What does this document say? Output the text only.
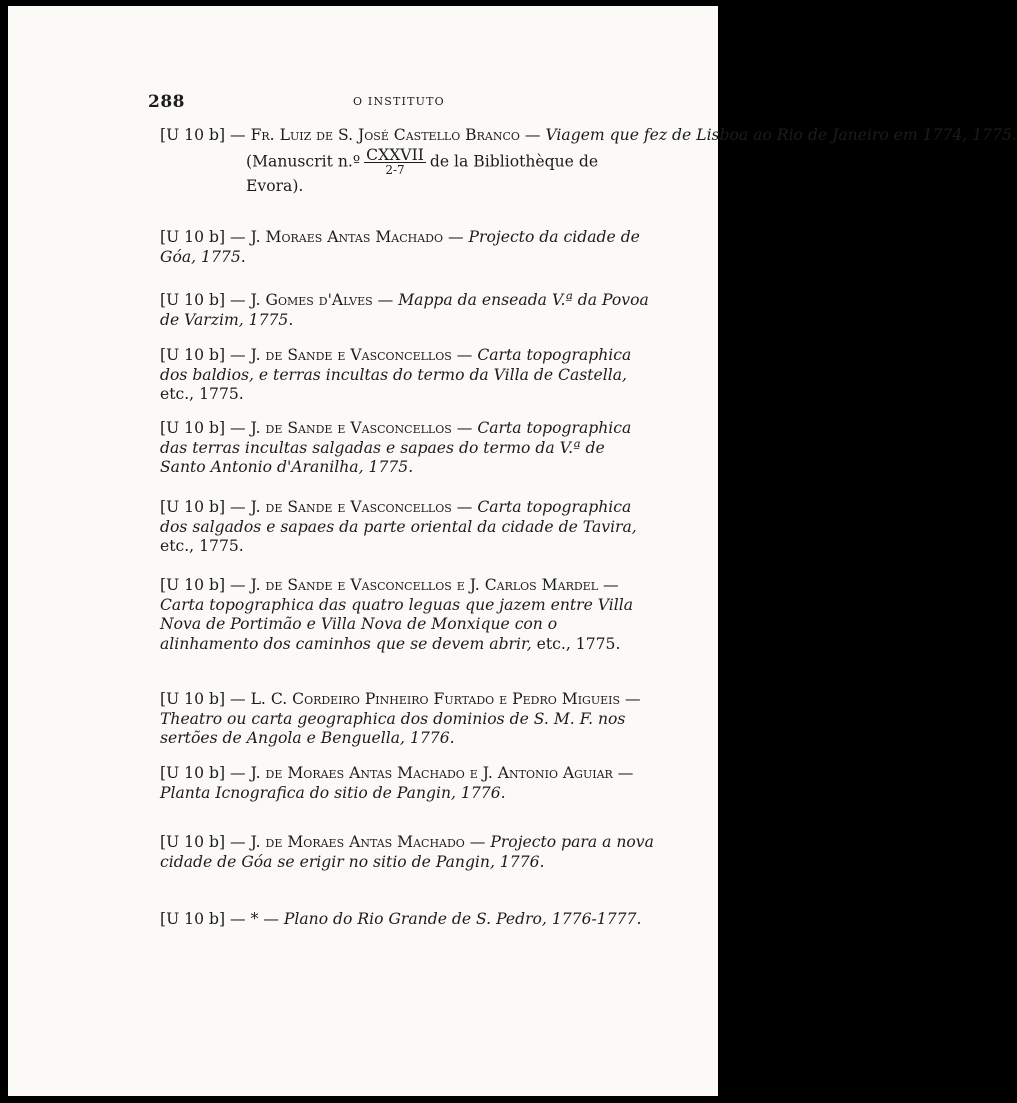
288	O INSTITUTO
[U 10 b] — Fr. Luiz de S. José Castello Branco — Viagem que fez de Lisboa ao Rio de Janeiro em 1774, 1775.
(Manuscrit n.º $\frac{\text{CXXVII}}{2-7}$ de la Bibliothèque de Evora).
[U 10 b] — J. Moraes Antas Machado — Projecto da cidade de Góa, 1775.
[U 10 b] — J. Gomes d'Alves — Mappa da enseada V.ª da Povoa de Varzim, 1775.
[U 10 b] — J. de Sande e Vasconcellos — Carta topographica dos baldios, e terras incultas do termo da Villa de Castella, etc., 1775.
[U 10 b] — J. de Sande e Vasconcellos — Carta topographica das terras incultas salgadas e sapaes do termo da V.ª de Santo Antonio d'Aranilha, 1775.
[U 10 b] — J. de Sande e Vasconcellos — Carta topographica dos salgados e sapaes da parte oriental da cidade de Tavira, etc., 1775.
[U 10 b] — J. de Sande e Vasconcellos e J. Carlos Mardel — Carta topographica das quatro leguas que jazem entre Villa Nova de Portimão e Villa Nova de Monxique con o alinhamento dos caminhos que se devem abrir, etc., 1775.
[U 10 b] — L. C. Cordeiro Pinheiro Furtado e Pedro Migueis — Theatro ou carta geographica dos dominios de S. M. F. nos sertões de Angola e Benguella, 1776.
[U 10 b] — J. de Moraes Antas Machado e J. Antonio Aguiar — Planta Icnografica do sitio de Pangin, 1776.
[U 10 b] — J. de Moraes Antas Machado — Projecto para a nova cidade de Góa se erigir no sitio de Pangin, 1776.
[U 10 b] — * — Plano do Rio Grande de S. Pedro, 1776-1777.
